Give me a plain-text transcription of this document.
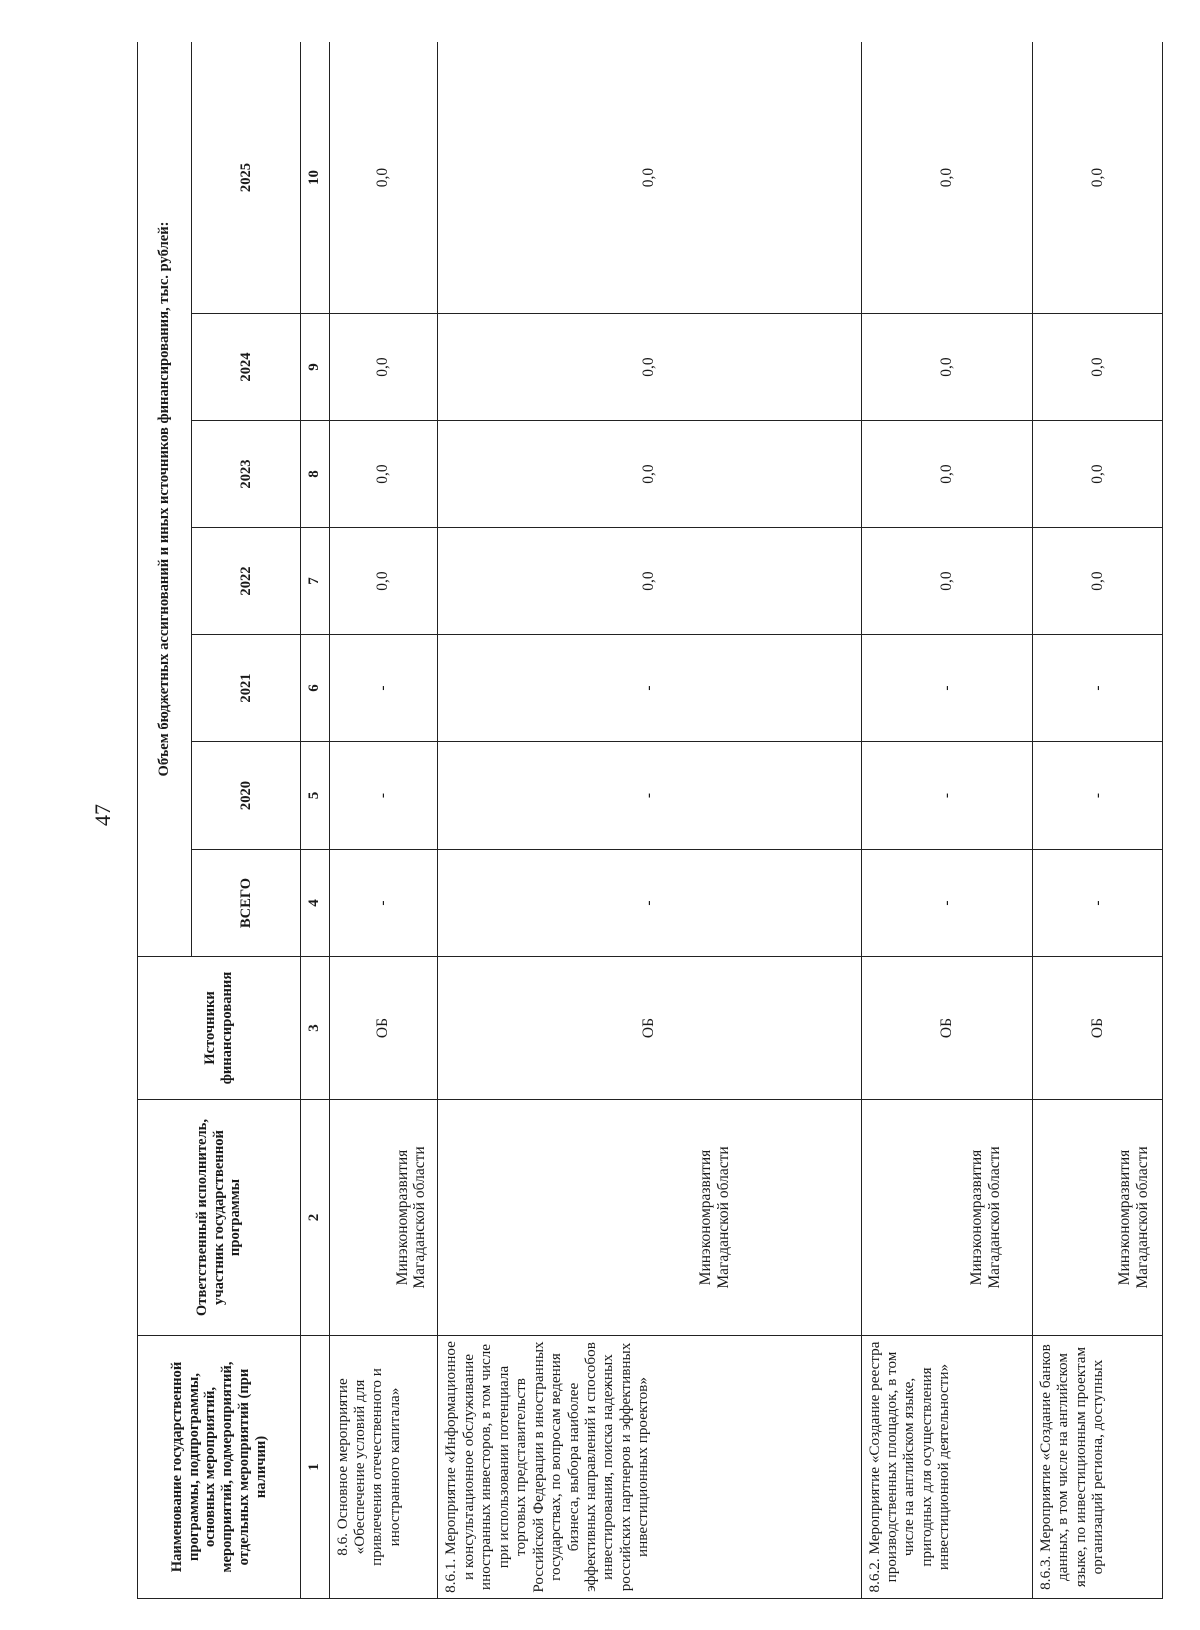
47
Наименование государственной программы, подпрограммы, основных мероприятий, мероприятий, подмероприятий, отдельных мероприятий (при наличии)	Ответственный исполнитель, участник государственной программы	Источники финансирования	Объем бюджетных ассигнований и иных источников финансирования, тыс. рублей:						
			ВСЕГО	2020	2021	2022	2023	2024	2025
1	2	3	4	5	6	7	8	9	10
8.6. Основное мероприятие «Обеспечение условий для привлечения отечественного и иностранного капитала»	Минэкономразвития Магаданской области	ОБ	-	-	-	0,0	0,0	0,0	0,0
8.6.1. Мероприятие «Информационное и консультационное обслуживание иностранных инвесторов, в том числе при использовании потенциала торговых представительств Российской Федерации в иностранных государствах, по вопросам ведения бизнеса, выбора наиболее эффективных направлений и способов инвестирования, поиска надежных российских партнеров и эффективных инвестиционных проектов»	Минэкономразвития Магаданской области	ОБ	-	-	-	0,0	0,0	0,0	0,0
8.6.2. Мероприятие «Создание реестра производственных площадок, в том числе на английском языке, пригодных для осуществления инвестиционной деятельности»	Минэкономразвития Магаданской области	ОБ	-	-	-	0,0	0,0	0,0	0,0
8.6.3. Мероприятие «Создание банков данных, в том числе на английском языке, по инвестиционным проектам организаций региона, доступных	Минэкономразвития Магаданской области	ОБ	-	-	-	0,0	0,0	0,0	0,0
